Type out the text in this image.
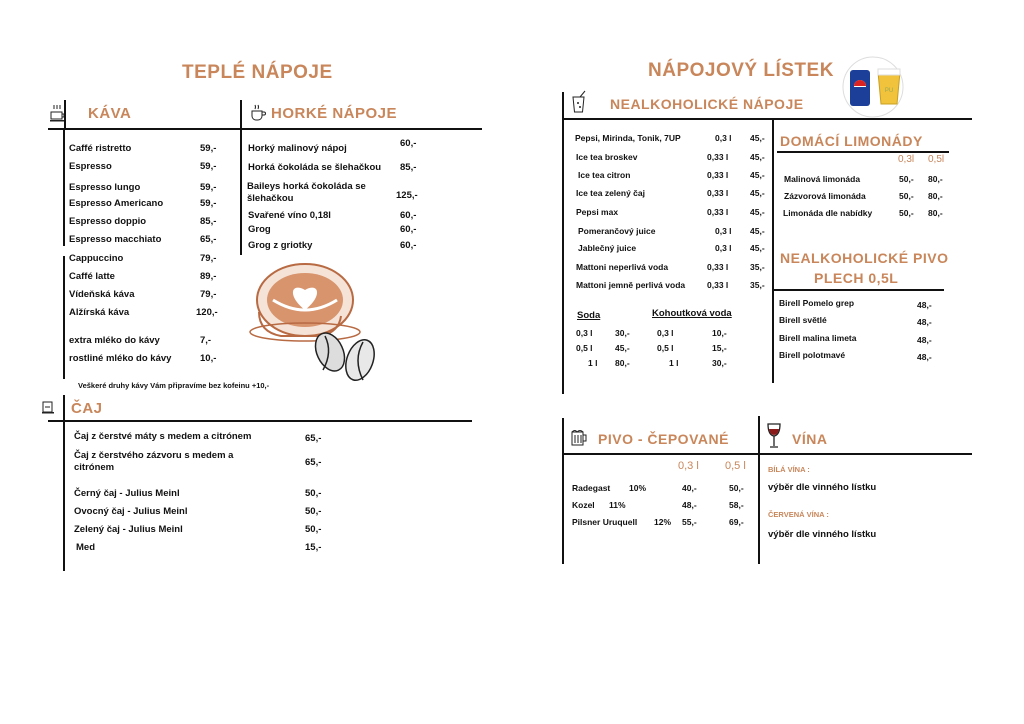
TEPLÉ NÁPOJE
KÁVA	HORKÉ NÁPOJE
Caffé ristretto	59,-
Espresso	59,-
Espresso lungo	59,-
Espresso Americano	59,-
Espresso doppio	85,-
Espresso macchiato	65,-
Cappuccino	79,-
Caffé latte	89,-
Vídeňská káva	79,-
Alžírská káva	120,-
extra mléko do kávy	7,-
rostliné mléko do kávy	10,-
Veškeré druhy kávy Vám připravíme bez kofeinu +10,-
Horký malinový nápoj	60,-
Horká čokoláda se šlehačkou 85,-
Baileys horká čokoláda se šlehačkou	125,-
Svařené víno 0,18l	60,-
Grog	60,-
Grog z griotky	60,-
ČAJ
Čaj z čerstvé máty s medem a citrónem	65,-
Čaj z čerstvého zázvoru s medem a citrónem	65,-
Černý čaj - Julius Meinl	50,-
Ovocný čaj - Julius Meinl	50,-
Zelený čaj - Julius Meinl	50,-
Med	15,-
NÁPOJOVÝ LÍSTEK
PU
NEALKOHOLICKÉ NÁPOJE
Pepsi, Mirinda, Tonik, 7UP	0,3 l 45,-
Ice tea broskev	0,33 l	45,-
Ice tea citron	0,33 l	45,-
Ice tea zelený čaj	0,33 l	45,-
Pepsi max	0,33 l	45,-
Pomerančový juice	0,3 l 45,-
Jablečný juice	0,3 l 45,-
Mattoni neperlivá voda	0,33 l	35,-
Mattoni jemně perlivá voda	0,33 l	35,-
Soda	Kohoutková voda
0,3 l	30,-
0,5 l	45,-
1 l 80,-
0,3 l	10,-
0,5 l	15,-
1 l	30,-
DOMÁCÍ LIMONÁDY
0,3l 0,5l
Malinová limonáda	50,- 80,-
Zázvorová limonáda	50,- 80,-
Limonáda dle nabídky	50,- 80,-
NEALKOHOLICKÉ PIVO
PLECH 0,5L
Birell Pomelo grep	48,-
Birell světlé	48,-
Birell malina limeta	48,-
Birell polotmavé	48,-
PIVO - ČEPOVANÉ
0,3 l 0,5 l
Radegast 10%	40,-	50,-
Kozel 11%	48,-	58,-
Pilsner Uruquell 12% 55,-	69,-
VÍNA
BÍLÁ VÍNA :
výběr dle vinného lístku
ČERVENÁ VÍNA :
výběr dle vinného lístku
